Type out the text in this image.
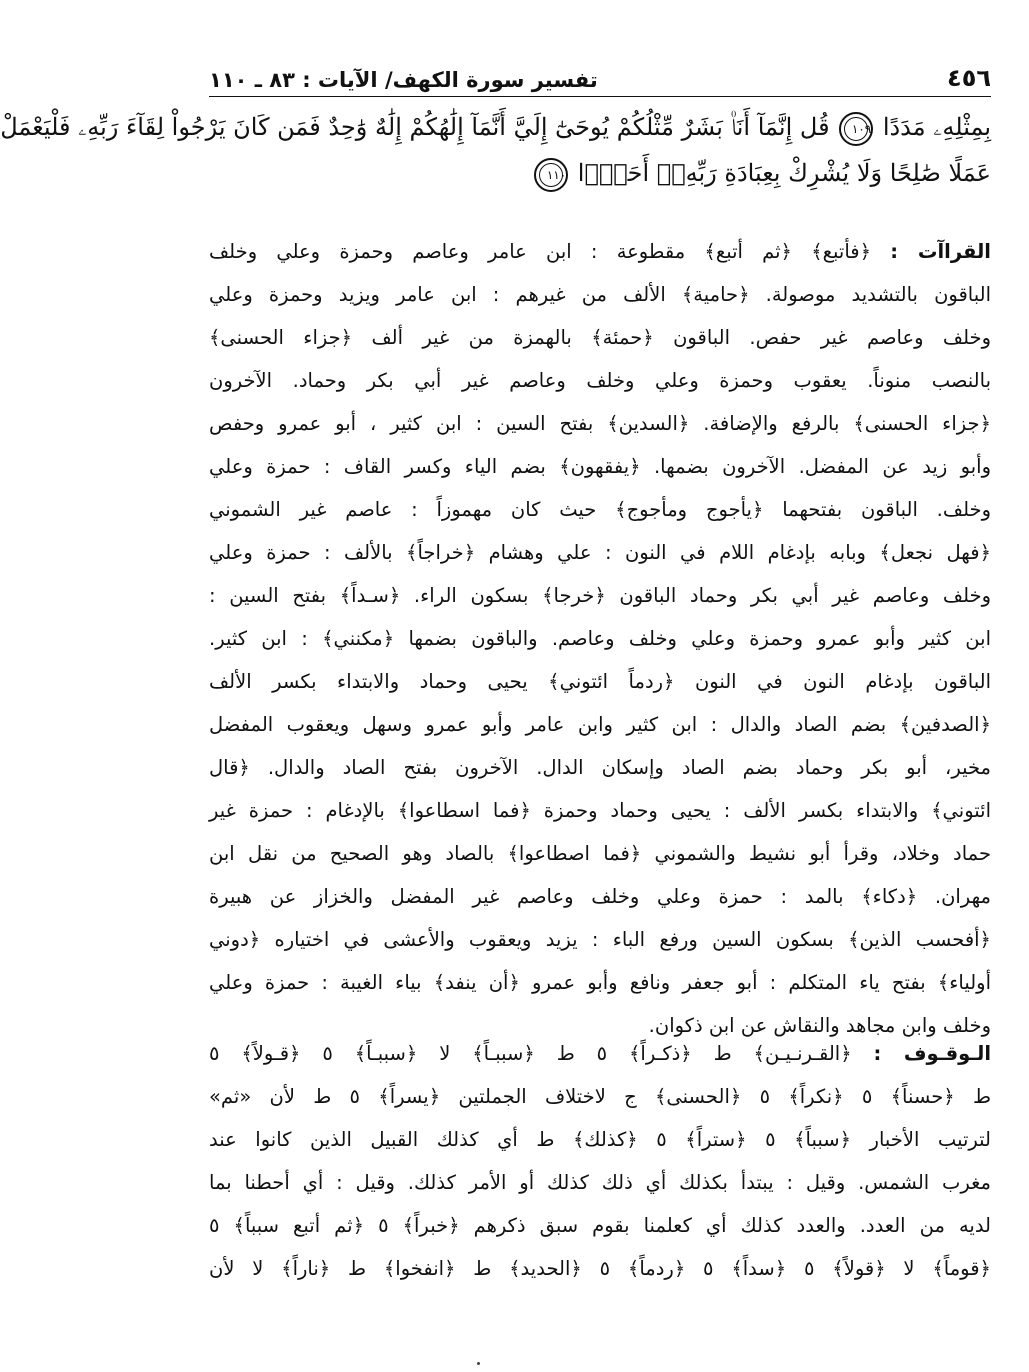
٤٥٦
تفسير سورة الكهف/ الآيات : ٨٣ ـ ١١٠
بِمِثْلِهِۦ مَدَدًا ١٠٩ قُل إِنَّمَآ أَنَا۠ بَشَرٌ مِّثْلُكُمْ يُوحَىٰٓ إِلَيَّ أَنَّمَآ إِلَٰهُكُمْ إِلَٰهٌ وَٰحِدٌ فَمَن كَانَ يَرْجُواْ لِقَآءَ رَبِّهِۦ فَلْيَعْمَلْ
عَمَلًا صَٰلِحًا وَلَا يُشْرِكْ بِعِبَادَةِ رَبِّهِۦٓ أَحَدًۢا ١١٠
القراآت : ﴿فأتبع﴾ ﴿ثم أتبع﴾ مقطوعة : ابن عامر وعاصم وحمزة وعلي وخلف
الباقون بالتشديد موصولة. ﴿حامية﴾ الألف من غيرهم : ابن عامر ويزيد وحمزة وعلي
وخلف وعاصم غير حفص. الباقون ﴿حمئة﴾ بالهمزة من غير ألف ﴿جزاء الحسنى﴾
بالنصب منوناً. يعقوب وحمزة وعلي وخلف وعاصم غير أبي بكر وحماد. الآخرون
﴿جزاء الحسنى﴾ بالرفع والإضافة. ﴿السدين﴾ بفتح السين : ابن كثير ، أبو عمرو وحفص
وأبو زيد عن المفضل. الآخرون بضمها. ﴿يفقهون﴾ بضم الياء وكسر القاف : حمزة وعلي
وخلف. الباقون بفتحهما ﴿يأجوج ومأجوج﴾ حيث كان مهموزاً : عاصم غير الشموني
﴿فهل نجعل﴾ وبابه بإدغام اللام في النون : علي وهشام ﴿خراجاً﴾ بالألف : حمزة وعلي
وخلف وعاصم غير أبي بكر وحماد الباقون ﴿خرجا﴾ بسكون الراء. ﴿سـداً﴾ بفتح السين :
ابن كثير وأبو عمرو وحمزة وعلي وخلف وعاصم. والباقون بضمها ﴿مكنني﴾ : ابن كثير.
الباقون بإدغام النون في النون ﴿ردماً ائتوني﴾ يحيى وحماد والابتداء بكسر الألف
﴿الصدفين﴾ بضم الصاد والدال : ابن كثير وابن عامر وأبو عمرو وسهل ويعقوب المفضل
مخير، أبو بكر وحماد بضم الصاد وإسكان الدال. الآخرون بفتح الصاد والدال. ﴿قال
ائتوني﴾ والابتداء بكسر الألف : يحيى وحماد وحمزة ﴿فما اسطاعوا﴾ بالإدغام : حمزة غير
حماد وخلاد، وقرأ أبو نشيط والشموني ﴿فما اصطاعوا﴾ بالصاد وهو الصحيح من نقل ابن
مهران. ﴿دكاء﴾ بالمد : حمزة وعلي وخلف وعاصم غير المفضل والخزاز عن هبيرة
﴿أفحسب الذين﴾ بسكون السين ورفع الباء : يزيد ويعقوب والأعشى في اختياره ﴿دوني
أولياء﴾ بفتح ياء المتكلم : أبو جعفر ونافع وأبو عمرو ﴿أن ينفد﴾ بياء الغيبة : حمزة وعلي
وخلف وابن مجاهد والنقاش عن ابن ذكوان.
الـوقـوف : ﴿القـرنـيـن﴾ ط ﴿ذكـراً﴾ ٥ ط ﴿سببـاً﴾ لا ﴿سببـاً﴾ ٥ ﴿قـولاً﴾ ٥
ط ﴿حسناً﴾ ٥ ﴿نكراً﴾ ٥ ﴿الحسنى﴾ ج لاختلاف الجملتين ﴿يسراً﴾ ٥ ط لأن «ثم»
لترتيب الأخبار ﴿سبباً﴾ ٥ ﴿ستراً﴾ ٥ ﴿كذلك﴾ ط أي كذلك القبيل الذين كانوا عند
مغرب الشمس. وقيل : يبتدأ بكذلك أي ذلك كذلك أو الأمر كذلك. وقيل : أي أحطنا بما
لديه من العدد. والعدد كذلك أي كعلمنا بقوم سبق ذكرهم ﴿خبراً﴾ ٥ ﴿ثم أتبع سبباً﴾ ٥
﴿قوماً﴾ لا ﴿قولاً﴾ ٥ ﴿سداً﴾ ٥ ﴿ردماً﴾ ٥ ﴿الحديد﴾ ط ﴿انفخوا﴾ ط ﴿ناراً﴾ لا لأن
